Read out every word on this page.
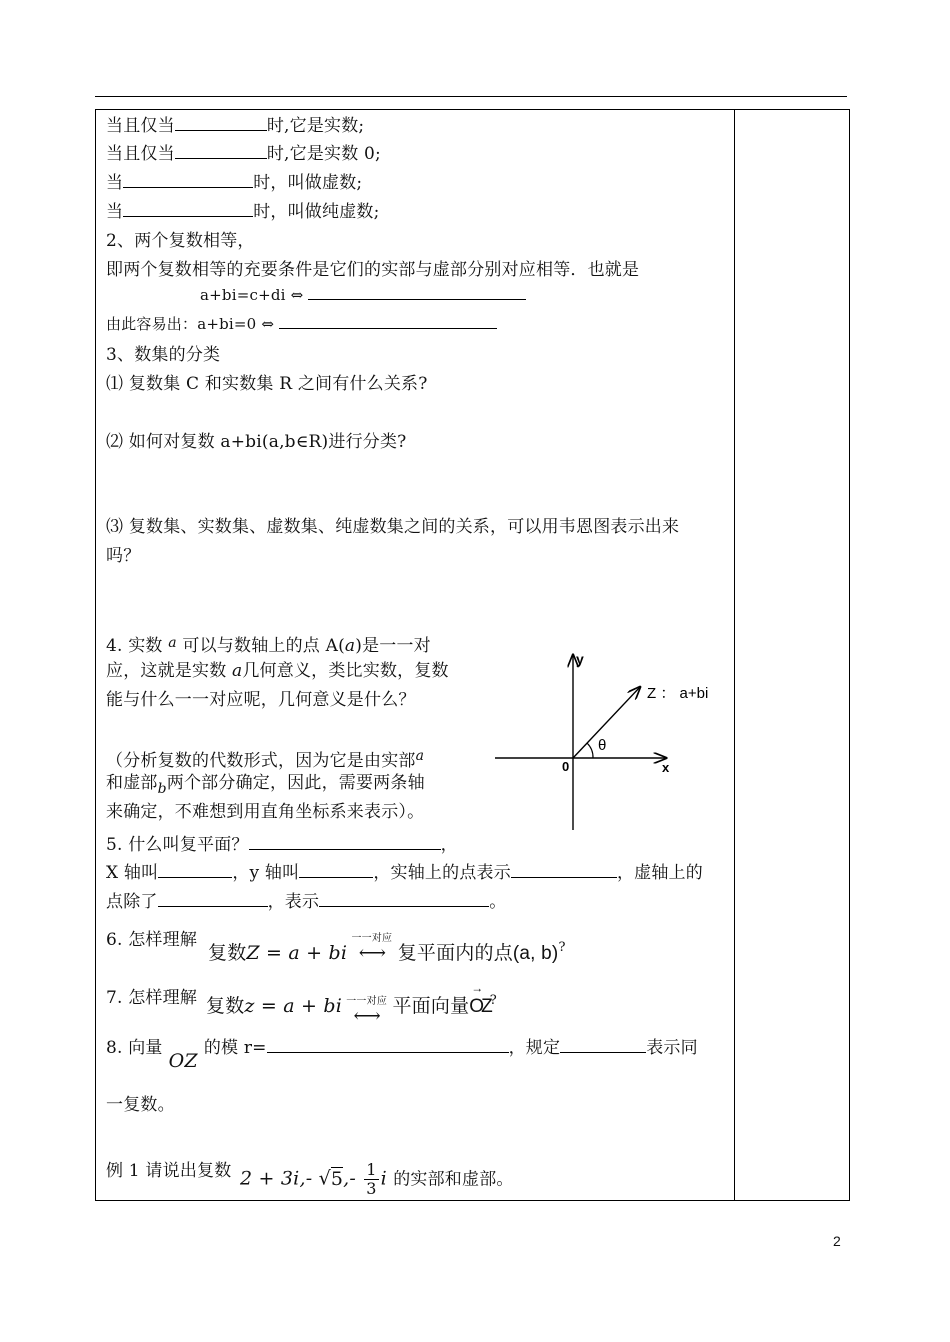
当且仅当	时,它是实数;
当且仅当	时,它是实数 0;
当	时，叫做虚数;
当	时，叫做纯虚数;
2、两个复数相等，
即两个复数相等的充要条件是它们的实部与虚部分别对应相等．也就是
a+bi=c+di ⇔
由此容易出：a+bi=0 ⇔
3、数集的分类
⑴ 复数集 C 和实数集 R 之间有什么关系?
⑵ 如何对复数 a+bi(a,b∈R)进行分类?
⑶ 复数集、实数集、虚数集、纯虚数集之间的关系，可以用韦恩图表示出来
吗？
4. 实数 $^a$ 可以与数轴上的点 A(a)是一一对
应，这就是实数 a几何意义，类比实数，复数
能与什么一一对应呢，几何意义是什么？
（分析复数的代数形式，因为它是由实部$^a$
和虚部$_b$两个部分确定，因此，需要两条轴
来确定，不难想到用直角坐标系来表示）。
y
x
0
Z ： a+bi
θ
5. 什么叫复平面？	，
X 轴叫	，y 轴叫	，实轴上的点表示	，虚轴上的
点除了	，表示	。
6. 怎样理解
复数Z = a + bi
一一对应
⟷ 复平面内的点(a, b)?
7. 怎样理解 复数z = a + bi 一一对应
⟷ 平面向量
→
OZ?
8. 向量OZ的模 r=	，规定	表示同
一复数。
例 1 请说出复数 2 + 3i,- $√5,- \frac{1}{3}$ i 的实部和虚部。
2
